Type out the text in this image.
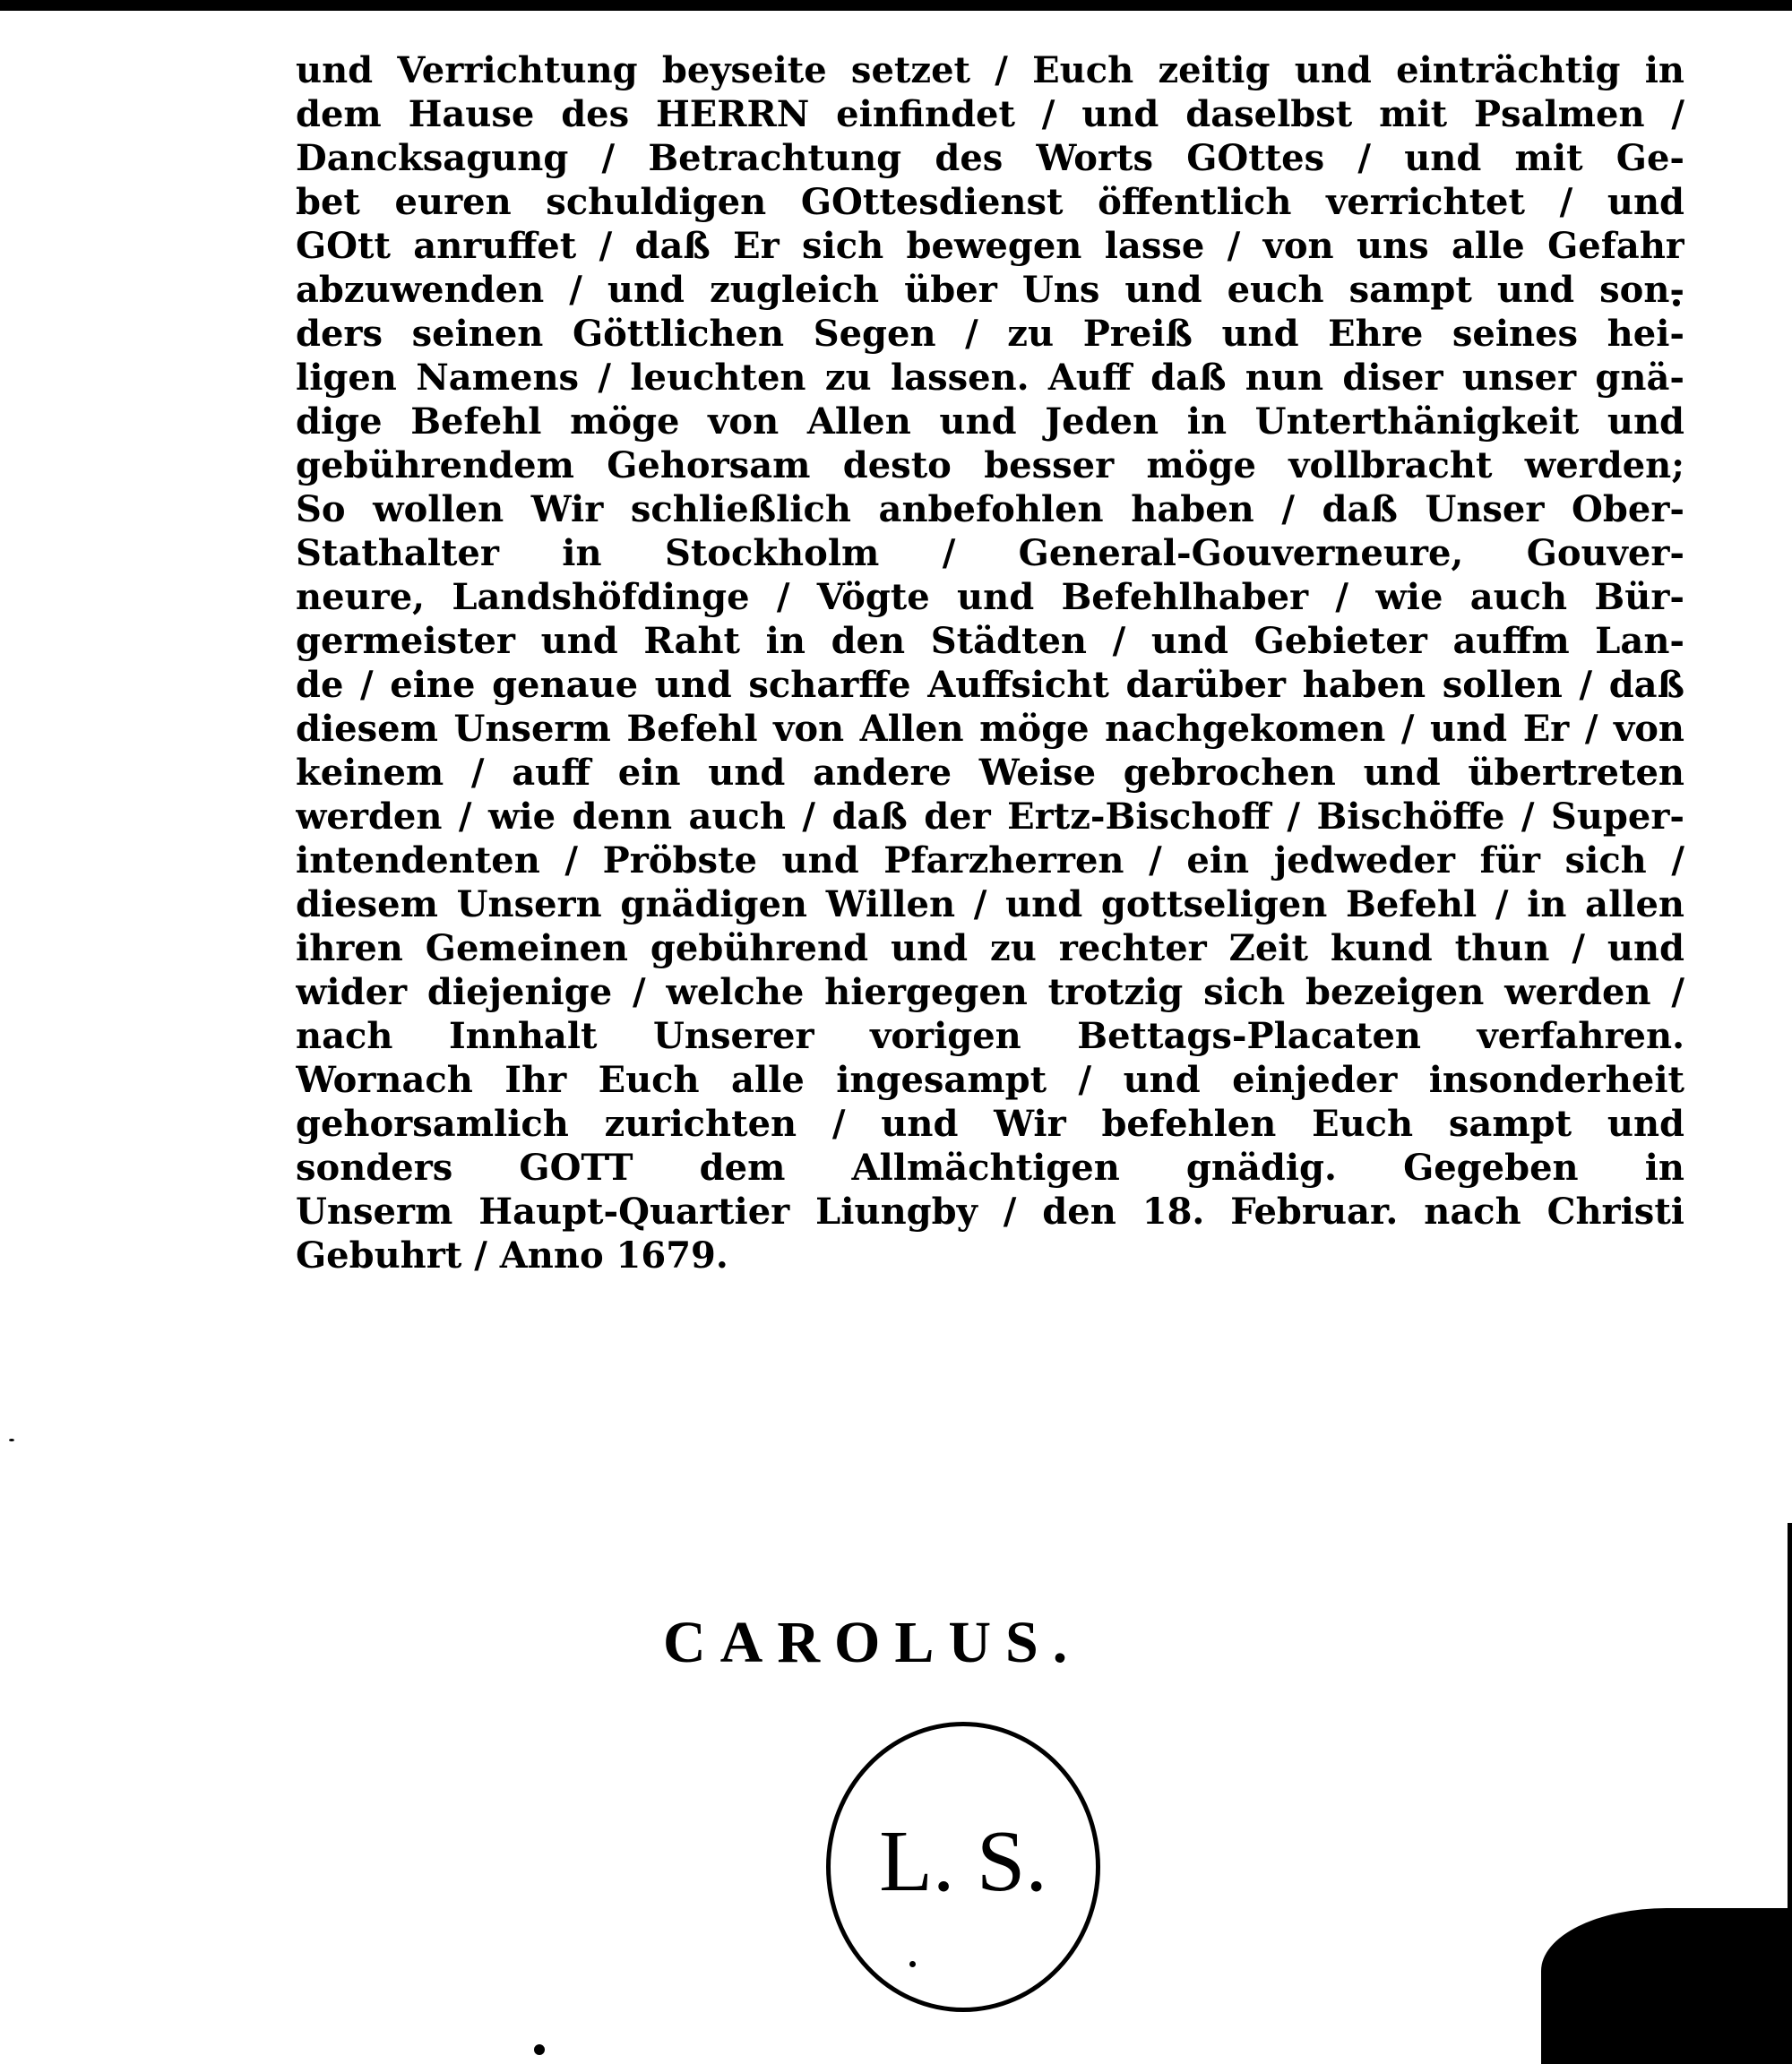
und Verrichtung beyseite setzet / Euch zeitig und einträchtig in
dem Hause des HERRN einfindet / und daselbst mit Psalmen /
Dancksagung / Betrachtung des Worts GOttes / und mit Ge-
bet euren schuldigen GOttesdienst öffentlich verrichtet / und
GOtt anruffet / daß Er sich bewegen lasse / von uns alle Gefahr
abzuwenden / und zugleich über Uns und euch sampt und son-
ders seinen Göttlichen Segen / zu Preiß und Ehre seines hei-
ligen Namens / leuchten zu lassen. Auff daß nun diser unser gnä-
dige Befehl möge von Allen und Jeden in Unterthänigkeit und
gebührendem Gehorsam desto besser möge vollbracht werden;
So wollen Wir schließlich anbefohlen haben / daß Unser Ober-
Stathalter in Stockholm / General-Gouverneure, Gouver-
neure, Landshöfdinge / Vögte und Befehlhaber / wie auch Bür-
germeister und Raht in den Städten / und Gebieter auffm Lan-
de / eine genaue und scharffe Auffsicht darüber haben sollen / daß
diesem Unserm Befehl von Allen möge nachgekomen / und Er / von
keinem / auff ein und andere Weise gebrochen und übertreten
werden / wie denn auch / daß der Ertz-Bischoff / Bischöffe / Super-
intendenten / Pröbste und Pfarzherren / ein jedweder für sich /
diesem Unsern gnädigen Willen / und gottseligen Befehl / in allen
ihren Gemeinen gebührend und zu rechter Zeit kund thun / und
wider diejenige / welche hiergegen trotzig sich bezeigen werden /
nach Innhalt Unserer vorigen Bettags-Placaten verfahren.
Wornach Ihr Euch alle ingesampt / und einjeder insonderheit
gehorsamlich zurichten / und Wir befehlen Euch sampt und
sonders GOTT dem Allmächtigen gnädig. Gegeben in
Unserm Haupt-Quartier Liungby / den 18. Februar. nach Christi
Gebuhrt / Anno 1679.
CAROLUS.
L. S.
